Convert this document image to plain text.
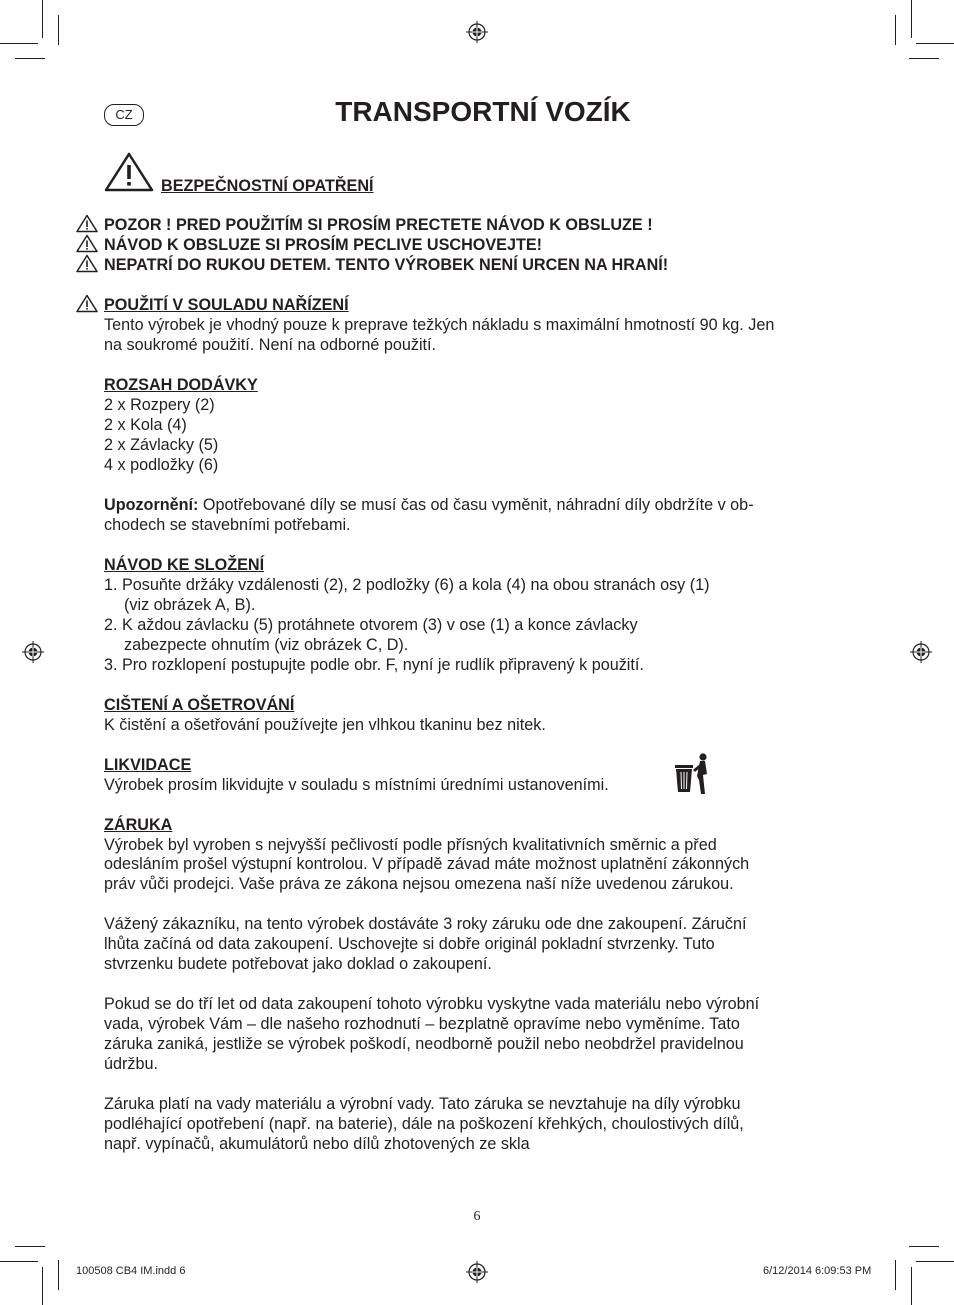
CZ	TRANSPORTNÍ VOZÍK
BEZPEČNOSTNÍ OPATŘENÍ
POZOR ! PRED POUŽITÍM SI PROSÍM PRECTETE NÁVOD K OBSLUZE !
NÁVOD K OBSLUZE SI PROSÍM PECLIVE USCHOVEJTE!
NEPATRÍ DO RUKOU DETEM. TENTO VÝROBEK NENÍ URCEN NA HRANÍ!
POUŽITÍ V SOULADU NAŘÍZENÍ
Tento výrobek je vhodný pouze k preprave težkých nákladu s maximální hmotností 90 kg. Jen
na soukromé použití. Není na odborné použití.
ROZSAH DODÁVKY
2 x Rozpery (2)
2 x Kola (4)
2 x Závlacky (5)
4 x podložky (6)
Upozornění: Opotřebované díly se musí čas od času vyměnit, náhradní díly obdržíte v ob-
chodech se stavebními potřebami.
NÁVOD KE SLOŽENÍ
1. Posuňte držáky vzdálenosti (2), 2 podložky (6) a kola (4) na obou stranách osy (1)
(viz obrázek A, B).
2. K aždou závlacku (5) protáhnete otvorem (3) v ose (1) a konce závlacky
zabezpecte ohnutím (viz obrázek C, D).
3. Pro rozklopení postupujte podle obr. F, nyní je rudlík připravený k použití.
CIŠTENÍ A OŠETROVÁNÍ
K čistění a ošetřování používejte jen vlhkou tkaninu bez nitek.
LIKVIDACE
Výrobek prosím likvidujte v souladu s místními úredními ustanoveními.
ZÁRUKA
Výrobek byl vyroben s nejvyšší pečlivostí podle přísných kvalitativních směrnic a před
odesláním prošel výstupní kontrolou. V případě závad máte možnost uplatnění zákonných
práv vůči prodejci. Vaše práva ze zákona nejsou omezena naší níže uvedenou zárukou.
Vážený zákazníku, na tento výrobek dostáváte 3 roky záruku ode dne zakoupení. Záruční
lhůta začíná od data zakoupení. Uschovejte si dobře originál pokladní stvrzenky. Tuto
stvrzenku budete potřebovat jako doklad o zakoupení.
Pokud se do tří let od data zakoupení tohoto výrobku vyskytne vada materiálu nebo výrobní
vada, výrobek Vám – dle našeho rozhodnutí – bezplatně opravíme nebo vyměníme. Tato
záruka zaniká, jestliže se výrobek poškodí, neodborně použil nebo neobdržel pravidelnou
údržbu.
Záruka platí na vady materiálu a výrobní vady. Tato záruka se nevztahuje na díly výrobku
podléhající opotřebení (např. na baterie), dále na poškození křehkých, choulostivých dílů,
např. vypínačů, akumulátorů nebo dílů zhotovených ze skla
6
100508 CB4 IM.indd 6	6/12/2014 6:09:53 PM
